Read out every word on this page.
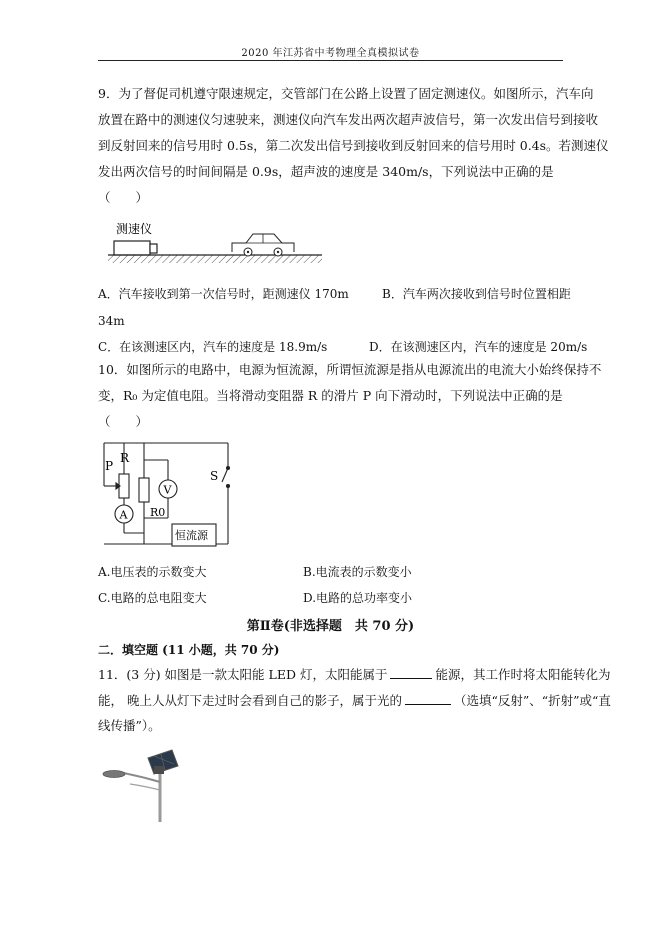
2020 年江苏省中考物理全真模拟试卷
9．为了督促司机遵守限速规定，交管部门在公路上设置了固定测速仪。如图所示，汽车向
放置在路中的测速仪匀速驶来，测速仪向汽车发出两次超声波信号，第一次发出信号到接收
到反射回来的信号用时 0.5s，第二次发出信号到接收到反射回来的信号用时 0.4s。若测速仪
发出两次信号的时间间隔是 0.9s，超声波的速度是 340m/s，下列说法中正确的是
（　　）
测速仪
A．汽车接收到第一次信号时，距测速仪 170m	B．汽车两次接收到信号时位置相距
34m
C．在该测速区内，汽车的速度是 18.9m/s	D．在该测速区内，汽车的速度是 20m/s
10．如图所示的电路中，电源为恒流源，所谓恒流源是指从电源流出的电流大小始终保持不
变，R₀ 为定值电阻。当将滑动变阻器 R 的滑片 P 向下滑动时，下列说法中正确的是
（　　）
P
R
A
V
R0
S
恒流源
A.电压表的示数变大	B.电流表的示数变小
C.电路的总电阻变大	D.电路的总功率变小
第Ⅱ卷(非选择题　共 70 分)
二．填空题 (11 小题，共 70 分)
11．(3 分) 如图是一款太阳能 LED 灯，太阳能属于	能源，其工作时将太阳能转化为
能， 晚上人从灯下走过时会看到自己的影子，属于光的	（选填“反射”、“折射”或“直
线传播”）。
